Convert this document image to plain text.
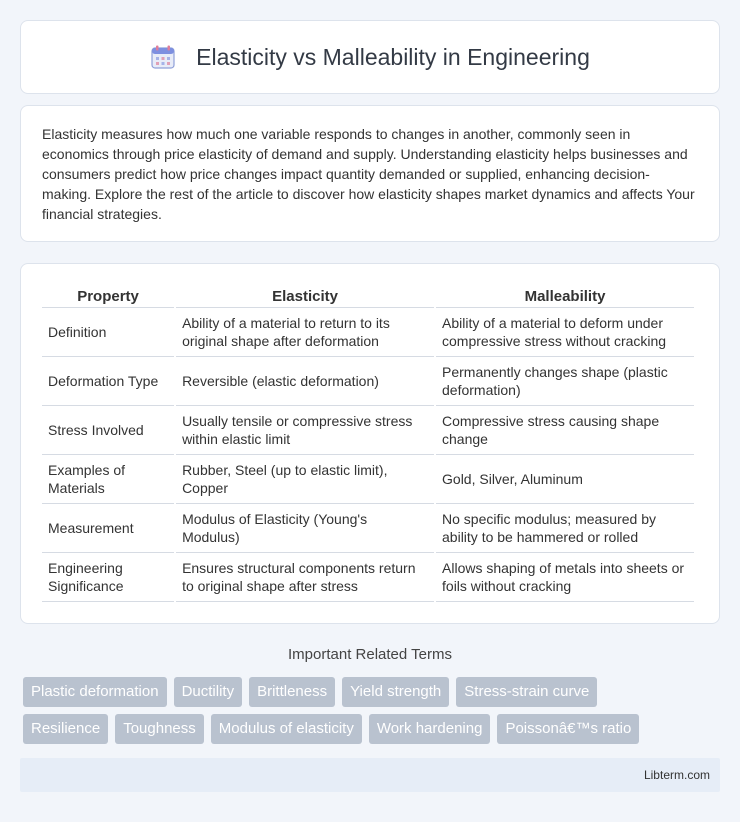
Elasticity vs Malleability in Engineering

Elasticity measures how much one variable responds to changes in another, commonly seen in economics through price elasticity of demand and supply. Understanding elasticity helps businesses and consumers predict how price changes impact quantity demanded or supplied, enhancing decision-making. Explore the rest of the article to discover how elasticity shapes market dynamics and affects Your financial strategies.

Property	Elasticity	Malleability
Definition	Ability of a material to return to its original shape after deformation	Ability of a material to deform under compressive stress without cracking
Deformation Type	Reversible (elastic deformation)	Permanently changes shape (plastic deformation)
Stress Involved	Usually tensile or compressive stress within elastic limit	Compressive stress causing shape change
Examples of Materials	Rubber, Steel (up to elastic limit), Copper	Gold, Silver, Aluminum
Measurement	Modulus of Elasticity (Young's Modulus)	No specific modulus; measured by ability to be hammered or rolled
Engineering Significance	Ensures structural components return to original shape after stress	Allows shaping of metals into sheets or foils without cracking
Important Related Terms
Plastic deformation	Ductility	Brittleness	Yield strength	Stress-strain curve
Resilience	Toughness	Modulus of elasticity	Work hardening	Poissonâ€™s ratio
Libterm.com
